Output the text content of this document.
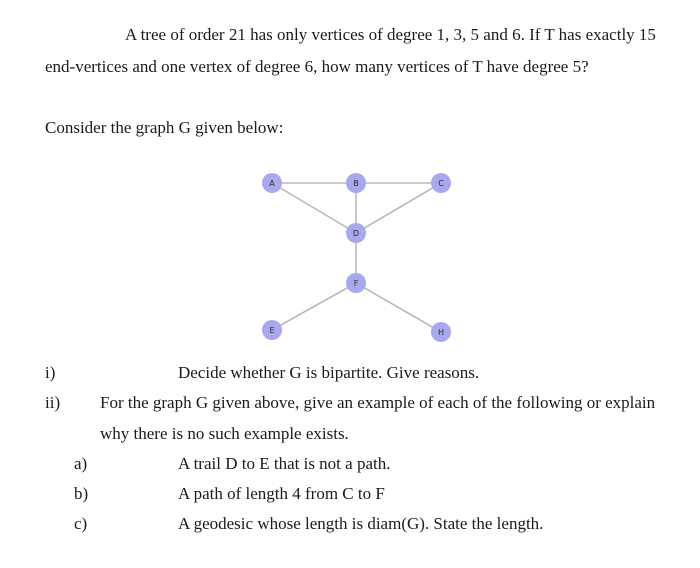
A tree of order 21 has only vertices of degree 1, 3, 5 and 6. If T has exactly 15
end-vertices and one vertex of degree 6, how many vertices of T have degree 5?
Consider the graph G given below:
A	B	C
D
F
E	H
i)	Decide whether G is bipartite. Give reasons.
ii) For the graph G given above, give an example of each of the following or explain
why there is no such example exists.
a)	A trail D to E that is not a path.
b)	A path of length 4 from C to F
c)	A geodesic whose length is diam(G). State the length.
